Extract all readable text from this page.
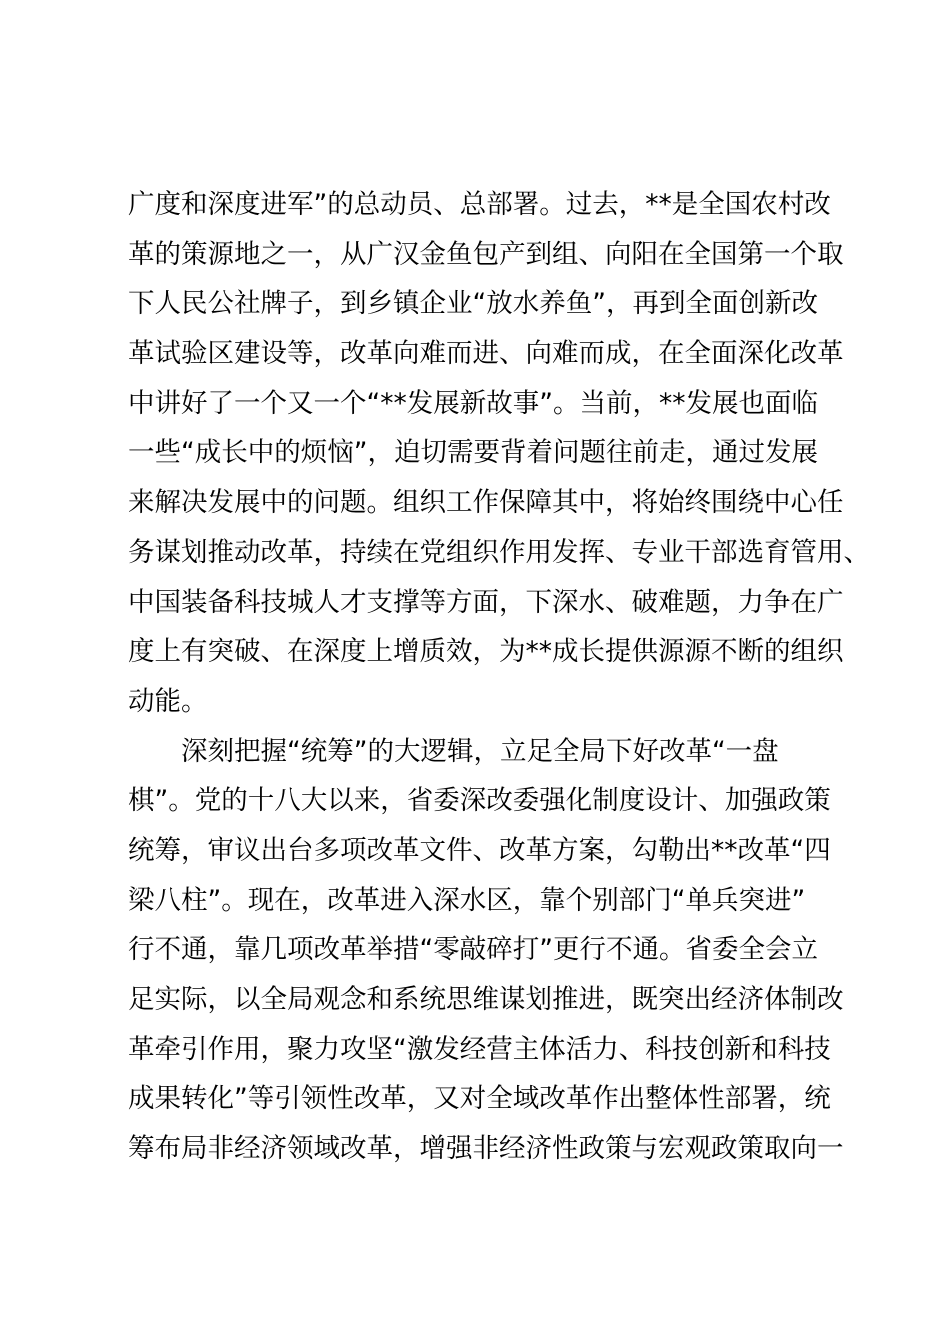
广度和深度进军”的总动员、总部署。过去，**是全国农村改
革的策源地之一，从广汉金鱼包产到组、向阳在全国第一个取
下人民公社牌子，到乡镇企业“放水养鱼”，再到全面创新改
革试验区建设等，改革向难而进、向难而成，在全面深化改革
中讲好了一个又一个“**发展新故事”。当前，**发展也面临
一些“成长中的烦恼”，迫切需要背着问题往前走，通过发展
来解决发展中的问题。组织工作保障其中，将始终围绕中心任
务谋划推动改革，持续在党组织作用发挥、专业干部选育管用、
中国装备科技城人才支撑等方面，下深水、破难题，力争在广
度上有突破、在深度上增质效，为**成长提供源源不断的组织
动能。
深刻把握“统筹”的大逻辑，立足全局下好改革“一盘
棋”。党的十八大以来，省委深改委强化制度设计、加强政策
统筹，审议出台多项改革文件、改革方案，勾勒出**改革“四
梁八柱”。现在，改革进入深水区，靠个别部门“单兵突进”
行不通，靠几项改革举措“零敲碎打”更行不通。省委全会立
足实际，以全局观念和系统思维谋划推进，既突出经济体制改
革牵引作用，聚力攻坚“激发经营主体活力、科技创新和科技
成果转化”等引领性改革，又对全域改革作出整体性部署，统
筹布局非经济领域改革，增强非经济性政策与宏观政策取向一
